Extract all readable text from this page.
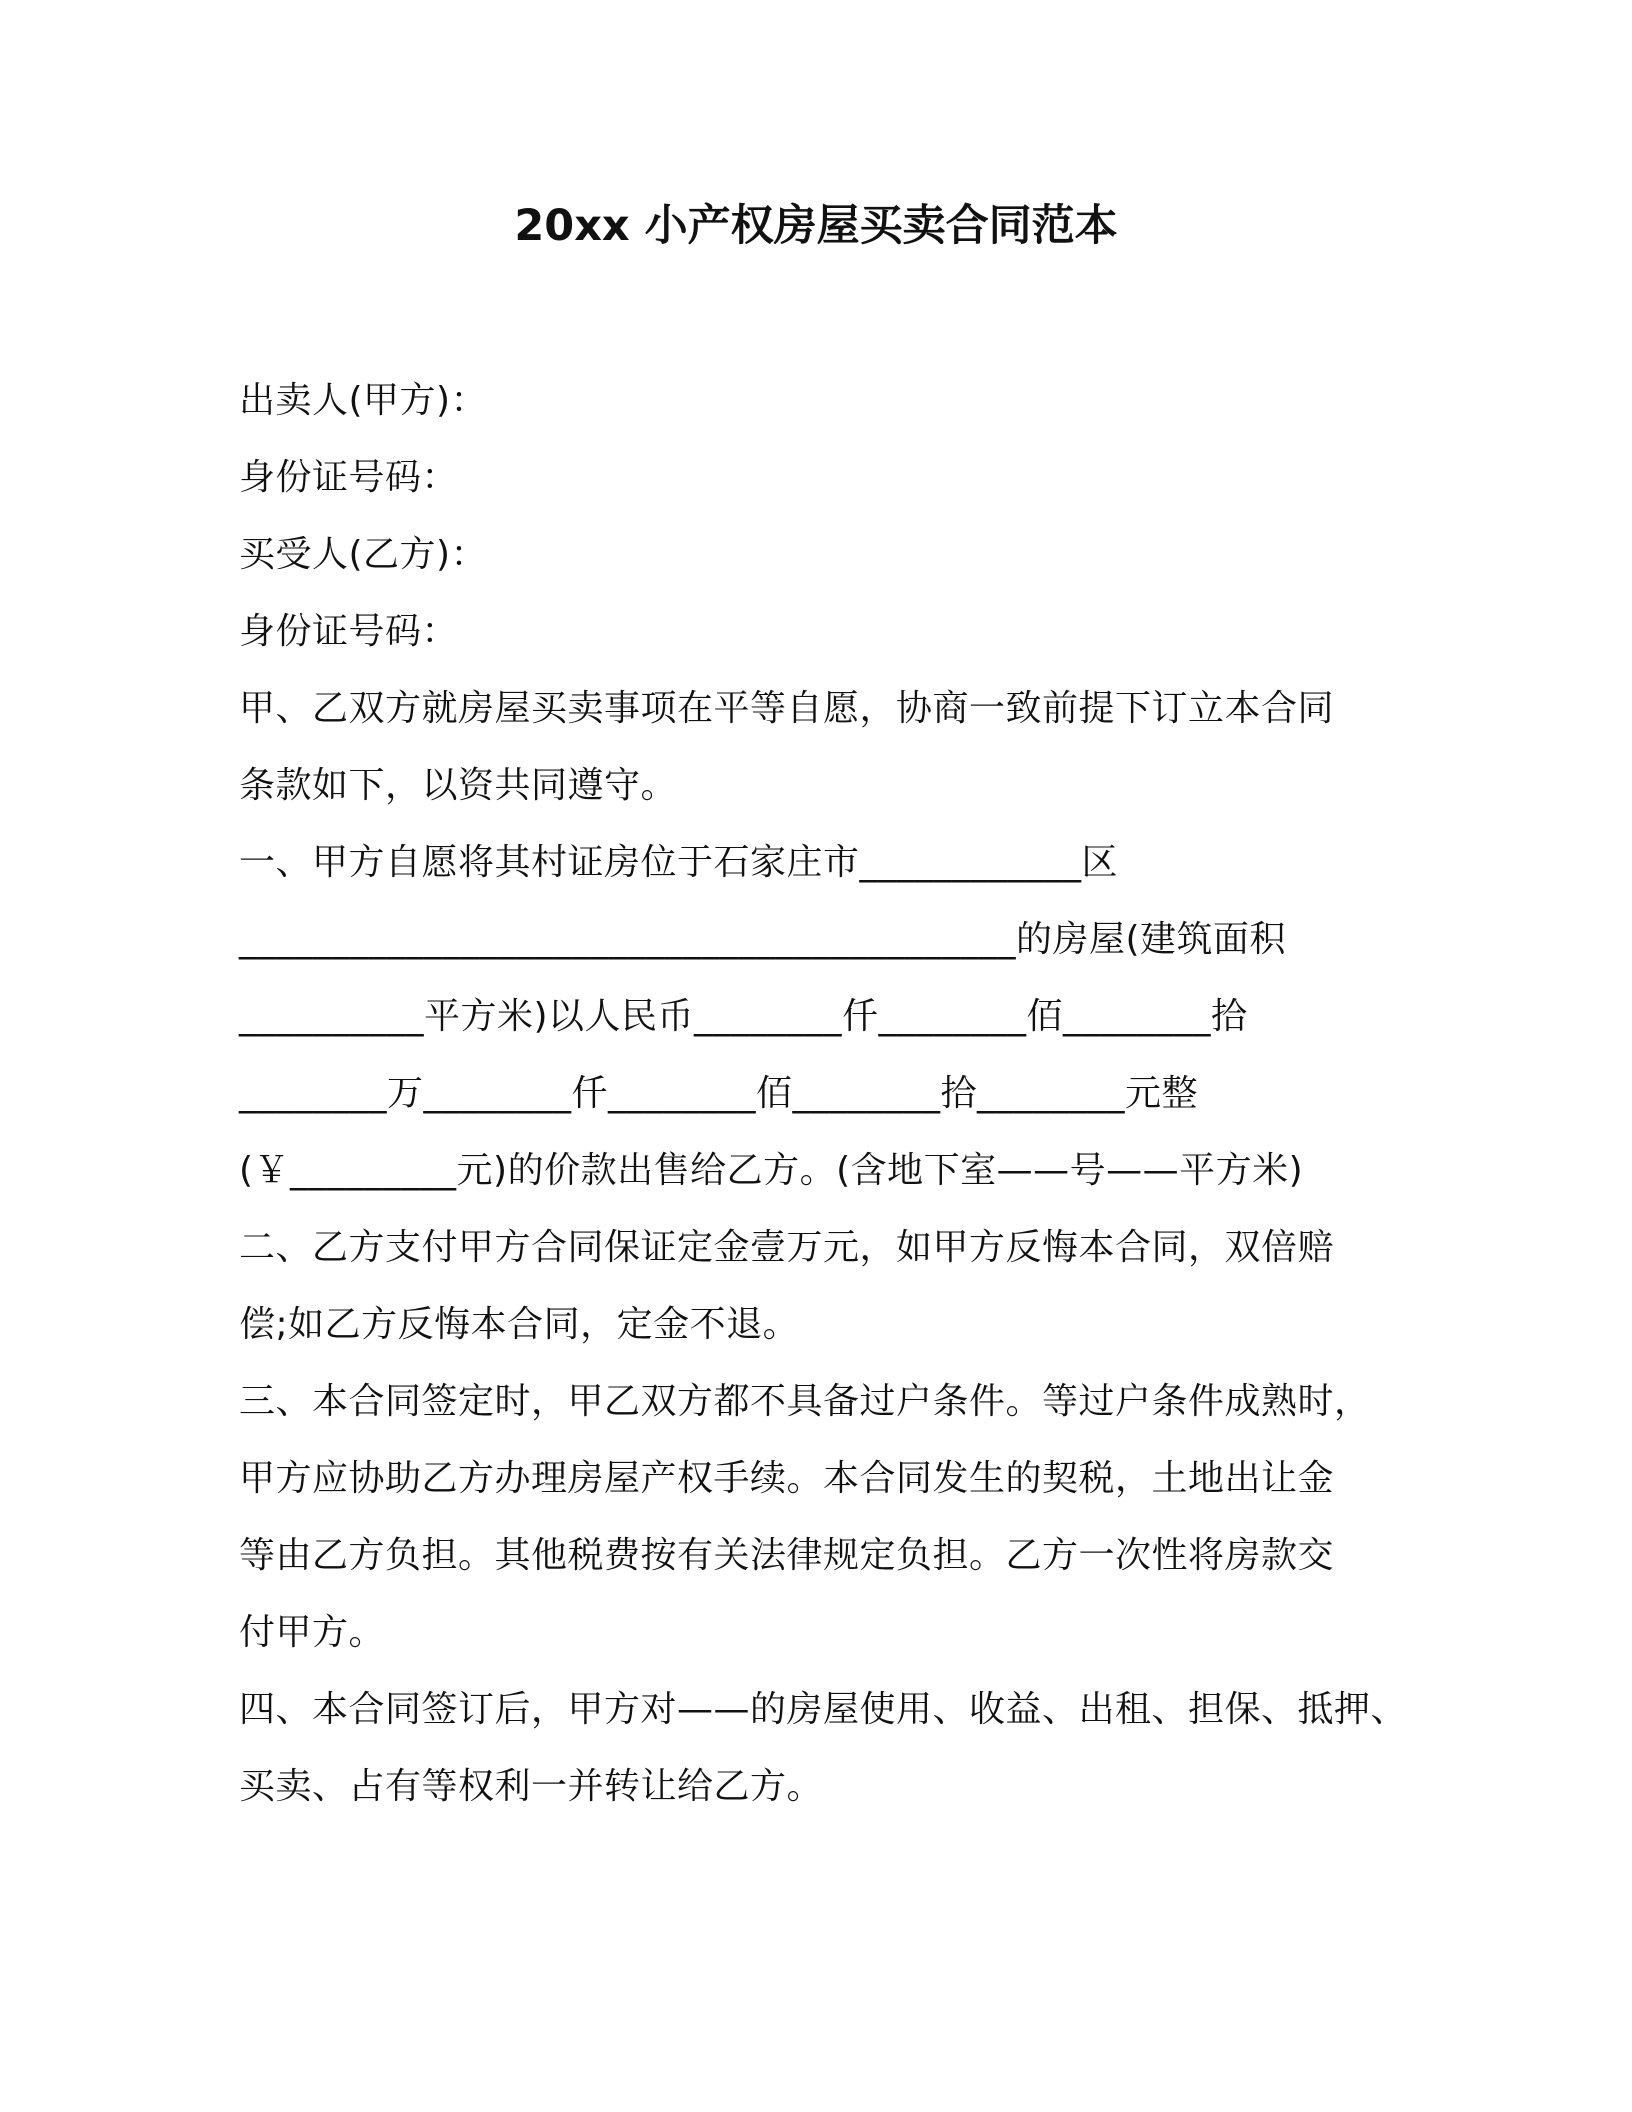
20xx 小产权房屋买卖合同范本
出卖人(甲方)：
身份证号码：
买受人(乙方)：
身份证号码：
甲、乙双方就房屋买卖事项在平等自愿，协商一致前提下订立本合同
条款如下，以资共同遵守。
一、甲方自愿将其村证房位于石家庄市____________区
__________________________________________的房屋(建筑面积
__________平方米)以人民币________仟________佰________拾
________万________仟________佰________拾________元整
(￥_________元)的价款出售给乙方。(含地下室——号——平方米)
二、乙方支付甲方合同保证定金壹万元，如甲方反悔本合同，双倍赔
偿;如乙方反悔本合同，定金不退。
三、本合同签定时，甲乙双方都不具备过户条件。等过户条件成熟时，
甲方应协助乙方办理房屋产权手续。本合同发生的契税，土地出让金
等由乙方负担。其他税费按有关法律规定负担。乙方一次性将房款交
付甲方。
四、本合同签订后，甲方对——的房屋使用、收益、出租、担保、抵押、
买卖、占有等权利一并转让给乙方。
